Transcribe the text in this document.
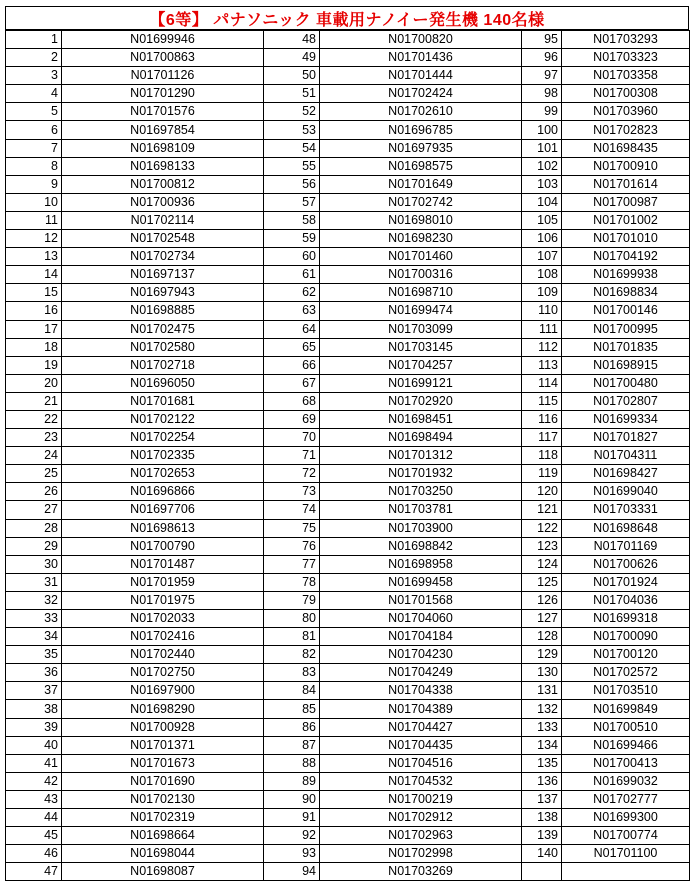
【6等】 パナソニック 車載用ナノイー発生機 140名様
1	N01699946	48	N01700820	95	N01703293
2	N01700863	49	N01701436	96	N01703323
3	N01701126	50	N01701444	97	N01703358
4	N01701290	51	N01702424	98	N01700308
5	N01701576	52	N01702610	99	N01703960
6	N01697854	53	N01696785	100	N01702823
7	N01698109	54	N01697935	101	N01698435
8	N01698133	55	N01698575	102	N01700910
9	N01700812	56	N01701649	103	N01701614
10	N01700936	57	N01702742	104	N01700987
11	N01702114	58	N01698010	105	N01701002
12	N01702548	59	N01698230	106	N01701010
13	N01702734	60	N01701460	107	N01704192
14	N01697137	61	N01700316	108	N01699938
15	N01697943	62	N01698710	109	N01698834
16	N01698885	63	N01699474	110	N01700146
17	N01702475	64	N01703099	111	N01700995
18	N01702580	65	N01703145	112	N01701835
19	N01702718	66	N01704257	113	N01698915
20	N01696050	67	N01699121	114	N01700480
21	N01701681	68	N01702920	115	N01702807
22	N01702122	69	N01698451	116	N01699334
23	N01702254	70	N01698494	117	N01701827
24	N01702335	71	N01701312	118	N01704311
25	N01702653	72	N01701932	119	N01698427
26	N01696866	73	N01703250	120	N01699040
27	N01697706	74	N01703781	121	N01703331
28	N01698613	75	N01703900	122	N01698648
29	N01700790	76	N01698842	123	N01701169
30	N01701487	77	N01698958	124	N01700626
31	N01701959	78	N01699458	125	N01701924
32	N01701975	79	N01701568	126	N01704036
33	N01702033	80	N01704060	127	N01699318
34	N01702416	81	N01704184	128	N01700090
35	N01702440	82	N01704230	129	N01700120
36	N01702750	83	N01704249	130	N01702572
37	N01697900	84	N01704338	131	N01703510
38	N01698290	85	N01704389	132	N01699849
39	N01700928	86	N01704427	133	N01700510
40	N01701371	87	N01704435	134	N01699466
41	N01701673	88	N01704516	135	N01700413
42	N01701690	89	N01704532	136	N01699032
43	N01702130	90	N01700219	137	N01702777
44	N01702319	91	N01702912	138	N01699300
45	N01698664	92	N01702963	139	N01700774
46	N01698044	93	N01702998	140	N01701100
47	N01698087	94	N01703269		
